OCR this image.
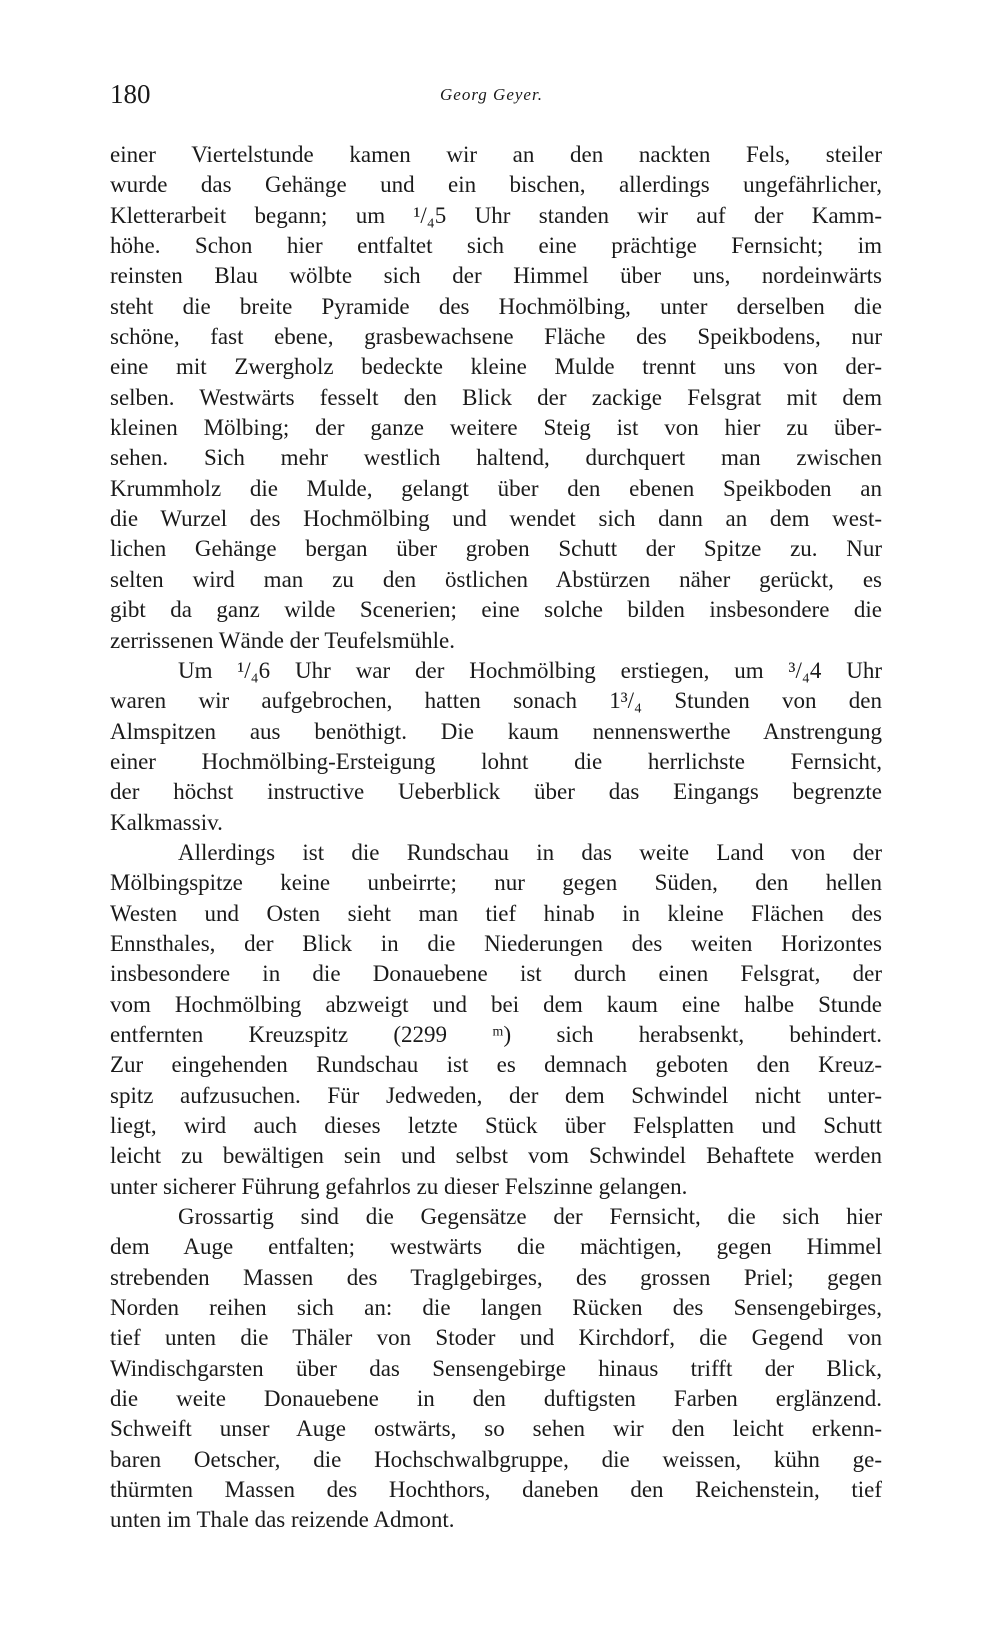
180	Georg Geyer.
einer Viertelstunde kamen wir an den nackten Fels, steiler
wurde das Gehänge und ein bischen, allerdings ungefährlicher,
Kletterarbeit begann; um ¹/₄5 Uhr standen wir auf der Kamm-
höhe. Schon hier entfaltet sich eine prächtige Fernsicht; im
reinsten Blau wölbte sich der Himmel über uns, nordeinwärts
steht die breite Pyramide des Hochmölbing, unter derselben die
schöne, fast ebene, grasbewachsene Fläche des Speikbodens, nur
eine mit Zwergholz bedeckte kleine Mulde trennt uns von der-
selben. Westwärts fesselt den Blick der zackige Felsgrat mit dem
kleinen Mölbing; der ganze weitere Steig ist von hier zu über-
sehen. Sich mehr westlich haltend, durchquert man zwischen
Krummholz die Mulde, gelangt über den ebenen Speikboden an
die Wurzel des Hochmölbing und wendet sich dann an dem west-
lichen Gehänge bergan über groben Schutt der Spitze zu. Nur
selten wird man zu den östlichen Abstürzen näher gerückt, es
gibt da ganz wilde Scenerien; eine solche bilden insbesondere die
zerrissenen Wände der Teufelsmühle.
Um ¹/₄6 Uhr war der Hochmölbing erstiegen, um ³/₄4 Uhr
waren wir aufgebrochen, hatten sonach 1³/₄ Stunden von den
Almspitzen aus benöthigt. Die kaum nennenswerthe Anstrengung
einer Hochmölbing-Ersteigung lohnt die herrlichste Fernsicht,
der höchst instructive Ueberblick über das Eingangs begrenzte
Kalkmassiv.
Allerdings ist die Rundschau in das weite Land von der
Mölbingspitze keine unbeirrte; nur gegen Süden, den hellen
Westen und Osten sieht man tief hinab in kleine Flächen des
Ennsthales, der Blick in die Niederungen des weiten Horizontes
insbesondere in die Donauebene ist durch einen Felsgrat, der
vom Hochmölbing abzweigt und bei dem kaum eine halbe Stunde
entfernten Kreuzspitz (2299 ᵐ) sich herabsenkt, behindert.
Zur eingehenden Rundschau ist es demnach geboten den Kreuz-
spitz aufzusuchen. Für Jedweden, der dem Schwindel nicht unter-
liegt, wird auch dieses letzte Stück über Felsplatten und Schutt
leicht zu bewältigen sein und selbst vom Schwindel Behaftete werden
unter sicherer Führung gefahrlos zu dieser Felszinne gelangen.
Grossartig sind die Gegensätze der Fernsicht, die sich hier
dem Auge entfalten; westwärts die mächtigen, gegen Himmel
strebenden Massen des Traglgebirges, des grossen Priel; gegen
Norden reihen sich an: die langen Rücken des Sensengebirges,
tief unten die Thäler von Stoder und Kirchdorf, die Gegend von
Windischgarsten über das Sensengebirge hinaus trifft der Blick,
die weite Donauebene in den duftigsten Farben erglänzend.
Schweift unser Auge ostwärts, so sehen wir den leicht erkenn-
baren Oetscher, die Hochschwalbgruppe, die weissen, kühn ge-
thürmten Massen des Hochthors, daneben den Reichenstein, tief
unten im Thale das reizende Admont.
